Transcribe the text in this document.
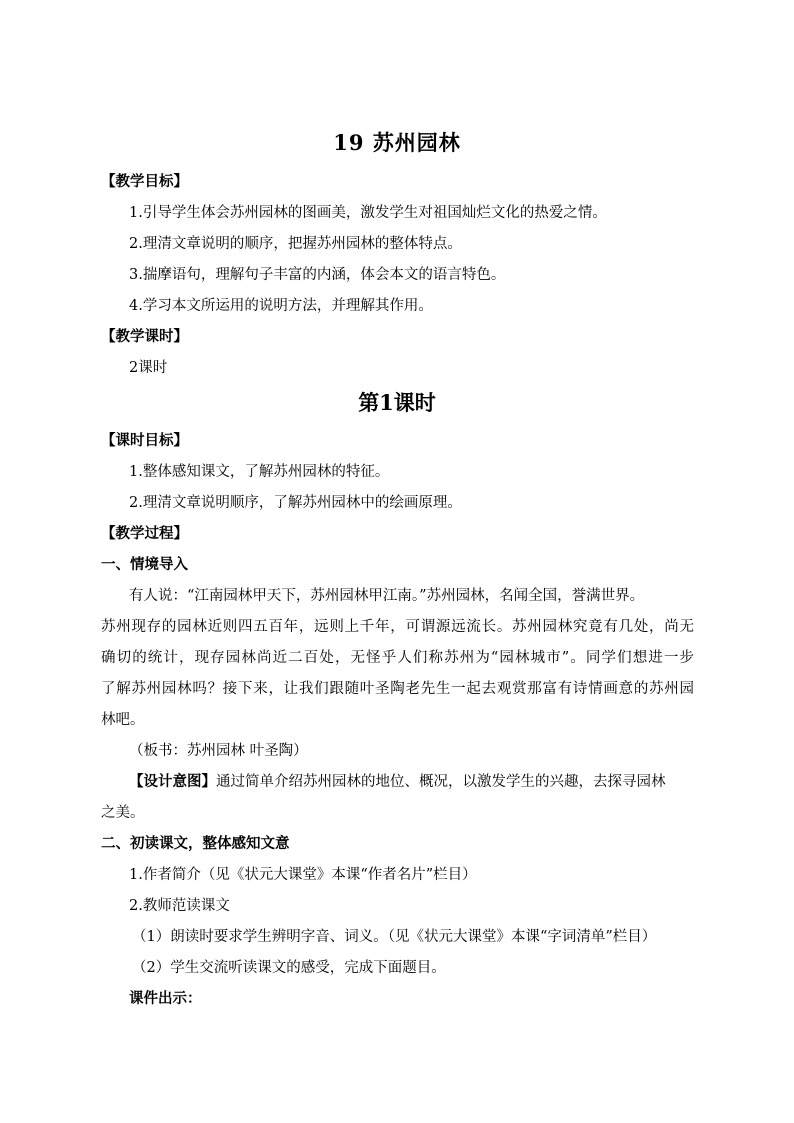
19 苏州园林
【教学目标】
1.引导学生体会苏州园林的图画美，激发学生对祖国灿烂文化的热爱之情。
2.理清文章说明的顺序，把握苏州园林的整体特点。
3.揣摩语句，理解句子丰富的内涵，体会本文的语言特色。
4.学习本文所运用的说明方法，并理解其作用。
【教学课时】
2课时
第1课时
【课时目标】
1.整体感知课文，了解苏州园林的特征。
2.理清文章说明顺序，了解苏州园林中的绘画原理。
【教学过程】
一、情境导入
有人说：“江南园林甲天下，苏州园林甲江南。”苏州园林，名闻全国，誉满世界。
苏州现存的园林近则四五百年，远则上千年，可谓源远流长。苏州园林究竟有几处，尚无
确切的统计，现存园林尚近二百处，无怪乎人们称苏州为“园林城市”。同学们想进一步
了解苏州园林吗？接下来，让我们跟随叶圣陶老先生一起去观赏那富有诗情画意的苏州园
林吧。
（板书：苏州园林 叶圣陶）
【设计意图】通过简单介绍苏州园林的地位、概况，以激发学生的兴趣，去探寻园林
之美。
二、初读课文，整体感知文意
1.作者简介（见《状元大课堂》本课“作者名片”栏目）
2.教师范读课文
（1）朗读时要求学生辨明字音、词义。（见《状元大课堂》本课“字词清单”栏目）
（2）学生交流听读课文的感受，完成下面题目。
课件出示：
